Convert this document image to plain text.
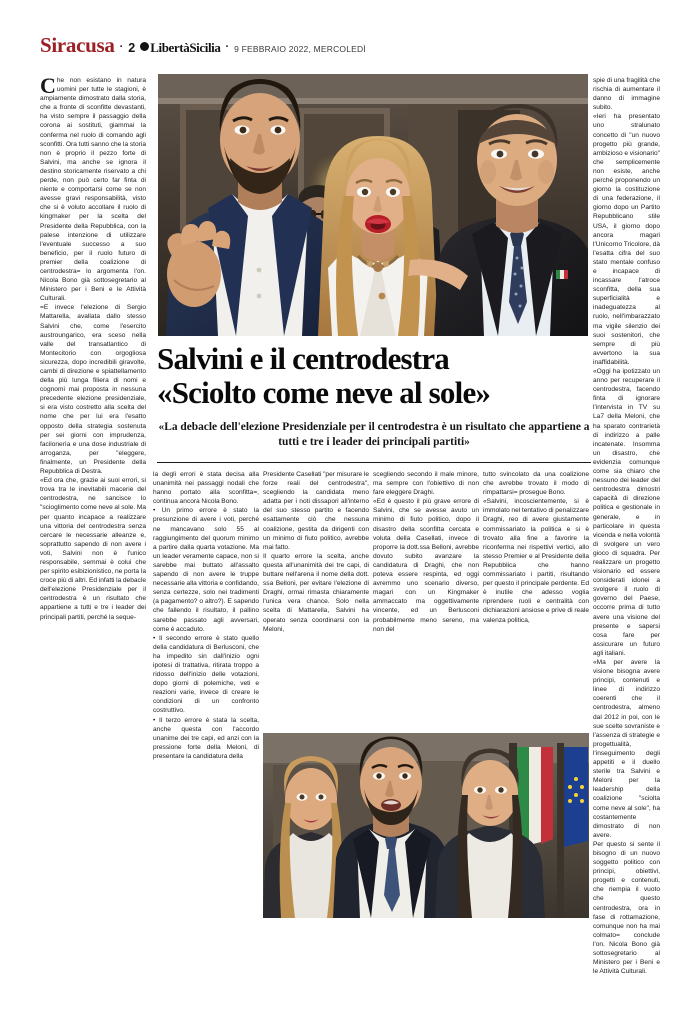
Siracusa · 2 LibertàSicilia · 9 FEBBRAIO 2022, MERCOLEDÌ
Salvini e il centrodestra
«Sciolto come neve al sole»
«La debacle dell'elezione Presidenziale per il centrodestra è un risultato che appartiene a tutti e tre i leader dei principali partiti»

Che non esistano in natura uomini per tutte le stagioni, è ampiamente dimostrato dalla storia, che a fronte di sconfitte devastanti, ha visto sempre il passaggio della corona ai sostituti, giammai la conferma nel ruolo di comando agli sconfitti. Ora tutti sanno che la storia non è proprio il pezzo forte di Salvini, ma anche se ignora il destino storicamente riservato a chi perde, non può certo far finta di niente e comportarsi come se non avesse gravi responsabilità, visto che si è voluto accollare il ruolo di kingmaker per la scelta del Presidente della Repubblica, con la palese intenzione di utilizzare l'eventuale successo a suo beneficio, per il ruolo futuro di premier della coalizione di centrodestra= lo argomenta l'on. Nicola Bono già sottosegretario al Ministero per i Beni e le Attività Culturali.

=E invece l'elezione di Sergio Mattarella, avallata dallo stesso Salvini che, come l'esercito austroungarico, era sceso nella valle del transatlantico di Montecitorio con orgogliosa sicurezza, dopo incredibili giravolte, cambi di direzione e spiattellamento della più lunga filiera di nomi e cognomi mai proposta in nessuna precedente elezione presidenziale, si era visto costretto alla scelta del nome che per lui era l'esatto opposto della strategia sostenuta per sei giorni con imprudenza, facilonerìa e una dose industriale di arroganza, per "eleggere, finalmente, un Presidente della Repubblica di Destra.

«Ed ora che, grazie ai suoi errori, si trova tra le inevitabili macerie del centrodestra, ne sancisce lo "scioglimento come neve al sole. Ma per quanto incapace a realizzare una vittoria del centrodestra senza cercare le necessarie alleanze e, soprattutto sapendo di non avere i voti, Salvini non è l'unico responsabile, semmai è colui che per spirito esibizionistico, ne porta la croce più di altri. Ed infatti la debacle dell'elezione Presidenziale per il centrodestra è un risultato che appartiene a tutti e tre i leader dei principali partiti, perché la seque-

la degli errori è stata decisa alla unanimità nei passaggi nodali che hanno portato alla sconfitta=, continua ancora Nicola Bono.

• Un primo errore è stato la presunzione di avere i voti, perché ne mancavano solo 55 al raggiungimento del quorum minimo a partire dalla quarta votazione. Ma un leader veramente capace, non si sarebbe mai buttato all'assalto sapendo di non avere le truppe necessarie alla vittoria e confidando, senza certezze, solo nei tradimenti (a pagamento? o altro?). E sapendo che fallendo il risultato, il pallino sarebbe passato agli avversari, come è accaduto.

• Il secondo errore è stato quello della candidatura di Berlusconi, che ha impedito sin dall'inizio ogni ipotesi di trattativa, ritirata troppo a ridosso dell'inizio delle votazioni, dopo giorni di polemiche, veti e reazioni varie, invece di creare le condizioni di un confronto costruttivo.

• Il terzo errore è stata la scelta, anche questa con l'accordo unanime dei tre capi, ed anzi con la pressione forte della Meloni, di presentare la candidatura della

Presidente Casellati "per misurare le forze reali del centrodestra", scegliendo la candidata meno adatta per i noti dissapori all'interno del suo stesso partito e facendo esattamente ciò che nessuna coalizione, gestita da dirigenti con un minimo di fiuto politico, avrebbe mai fatto.

Il quarto errore la scelta, anche questa all'unanimità dei tre capi, di buttare nell'arena il nome della dott. ssa Belloni, per evitare l'elezione di Draghi, ormai rimasta chiaramente l'unica vera chance. Solo nella scelta di Mattarella, Salvini ha operato senza coordinarsi con la Meloni,

scegliendo secondo il male minore, ma sempre con l'obiettivo di non fare eleggere Draghi.

«Ed è questo il più grave errore di Salvini, che se avesse avuto un minimo di fiuto politico, dopo il disastro della sconfitta cercata e voluta della Casellati, invece di proporre la dott.ssa Belloni, avrebbe dovuto subito avanzare la candidatura di Draghi, che non poteva essere respinta, ed oggi avremmo uno scenario diverso, magari con un Kingmaker ammaccato ma oggettivamente vincente, ed un Berlusconi probabilmente meno sereno, ma non del

tutto svincolato da una coalizione che avrebbe trovato il modo di rimpattarsi= prosegue Bono.

«Salvini, incoscientemente, si è immolato nel tentativo di penalizzare Draghi, reo di avere giustamente commissariato la politica e si è trovato alla fine a favorire la riconferma nei rispettivi vertici, allo stesso Premier e al Presidente della Repubblica che hanno commissariato i partiti, risultando per questo il principale perdente. Ed è inutile che adesso voglia riprendere ruoli e centralità con dichiarazioni ansiose e prive di reale valenza politica,

spie di una fragilità che rischia di aumentare il danno di immagine subito.

«Ieri ha presentato uno stralunato concetto di "un nuovo progetto più grande, ambizioso e visionario" che semplicemente non esiste, anche perché proponendo un giorno la costituzione di una federazione, il giorno dopo un Partito Repubblicano stile USA, il giorno dopo ancora magari l'Unicorno Tricolore, dà l'esatta cifra del suo stato mentale confuso e incapace di incassare l'atroce sconfitta, della sua superficialità e inadeguatezza al ruolo, nell'imbarazzato ma vigile silenzio dei suoi sostenitori, che sempre di più avvertono la sua inaffidabilità.

«Oggi ha ipotizzato un anno per recuperare il centrodestra, facendo finta di ignorare l'intervista in TV su La7 della Meloni, che ha sparato contrarietà di indirizzo a palle incatenate. Insomma un disastro, che evidenzia comunque come sia chiaro che nessuno dei leader del centrodestra dimostri capacità di direzione politica e gestionale in generale, e in particolare in questa vicenda e nella volontà di svolgere un vero gioco di squadra. Per realizzare un progetto visionario ed essere considerati idonei a svolgere il ruolo di governo del Paese, occorre prima di tutto avere una visione del presente e sapersi cosa fare per assicurare un futuro agli italiani.

«Ma per avere la visione bisogna avere principi, contenuti e linee di indirizzo coerenti che il centrodestra, almeno dal 2012 in poi, con le sue scelte sovraniste e l'assenza di strategie e progettualità, l'inseguimento degli appetiti e il duello sterile tra Salvini e Meloni per la leadership della coalizione "sciolta come neve al sole", ha costantemente dimostrato di non avere.

Per questo si sente il bisogno di un nuovo soggetto politico con principi, obiettivi, progetti e contenuti, che riempia il vuoto che questo centrodestra, ora in fase di rottamazione, comunque non ha mai colmato= conclude l'on. Nicola Bono già sottosegretario al Ministero per i Beni e le Attività Culturali.
